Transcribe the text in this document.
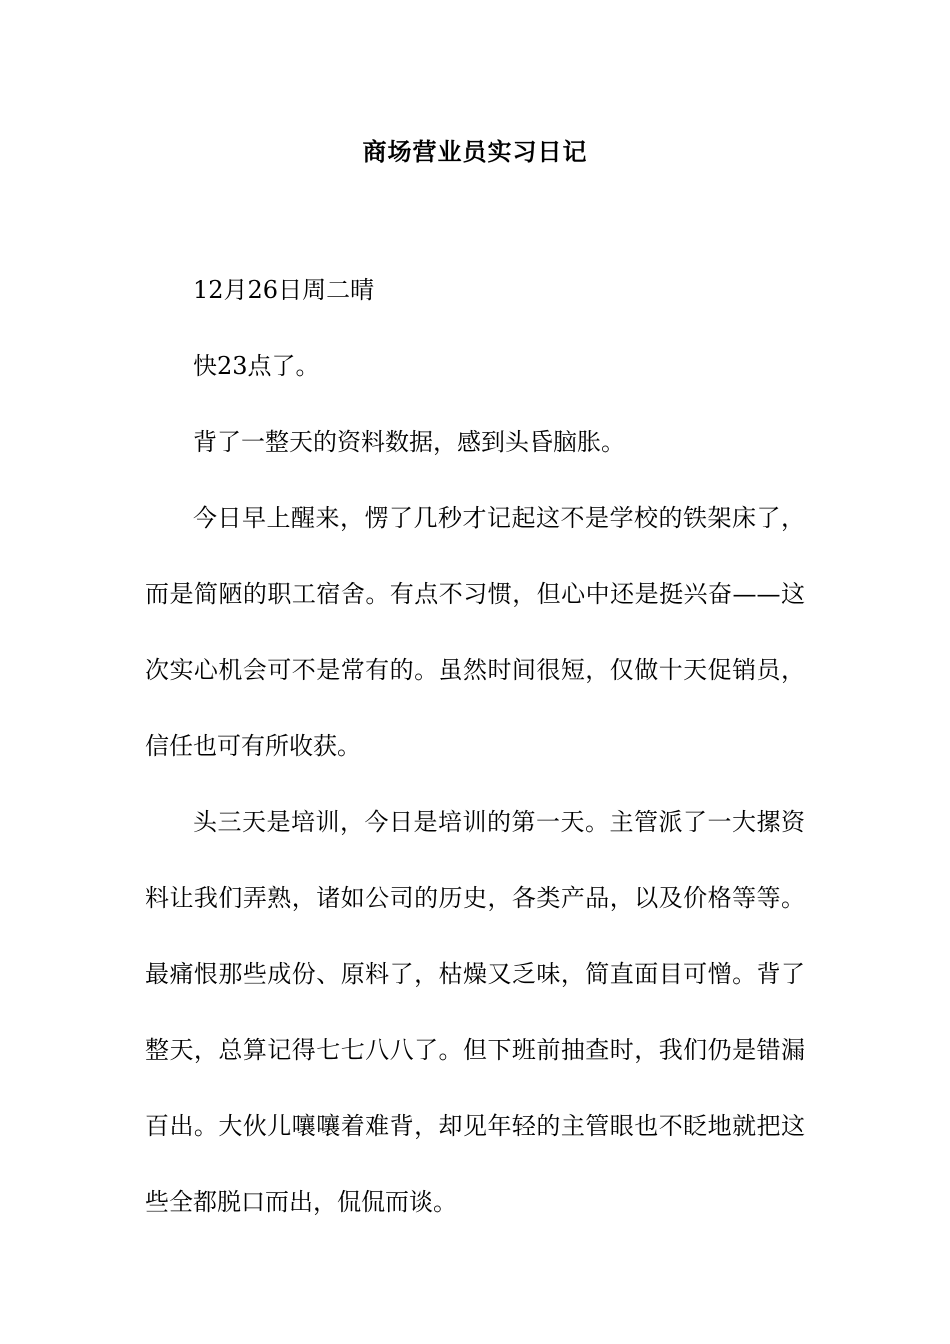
商场营业员实习日记

12月26日周二晴

快23点了。

背了一整天的资料数据，感到头昏脑胀。

今日早上醒来，愣了几秒才记起这不是学校的铁架床了，而是简陋的职工宿舍。有点不习惯，但心中还是挺兴奋——这次实心机会可不是常有的。虽然时间很短，仅做十天促销员，信任也可有所收获。

头三天是培训，今日是培训的第一天。主管派了一大摞资料让我们弄熟，诸如公司的历史，各类产品，以及价格等等。最痛恨那些成份、原料了，枯燥又乏味，简直面目可憎。背了整天，总算记得七七八八了。但下班前抽查时，我们仍是错漏百出。大伙儿嚷嚷着难背，却见年轻的主管眼也不眨地就把这些全都脱口而出，侃侃而谈。
